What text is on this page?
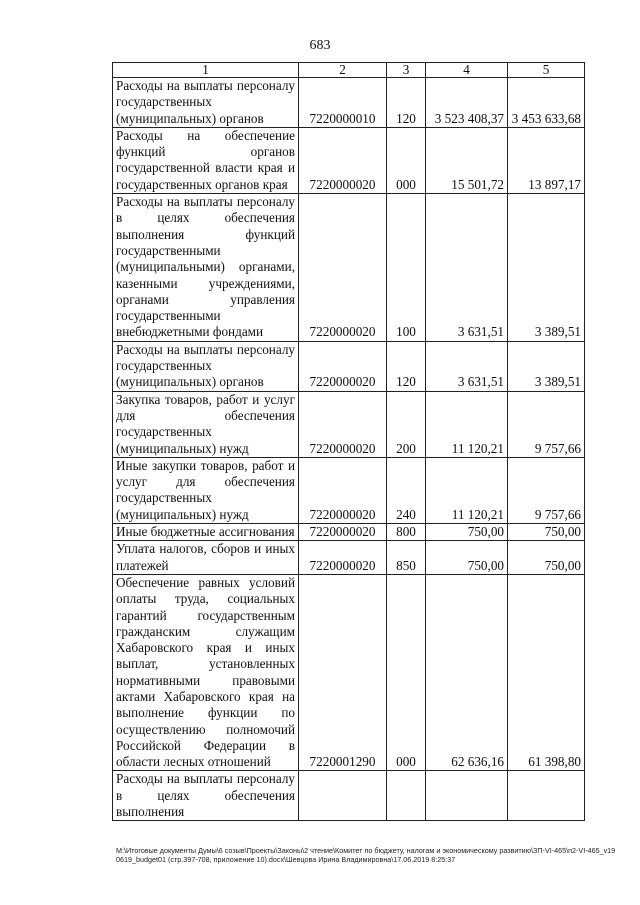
683
1	2	3	4	5
Расходы на выплаты персоналу государственных (муниципальных) органов	7220000010	120	3 523 408,37	3 453 633,68
Расходы на обеспечение функций органов государственной власти края и государственных органов края	7220000020	000	15 501,72	13 897,17
Расходы на выплаты персоналу в целях обеспечения выполнения функций государственными (муниципальными) органами, казенными учреждениями, органами управления государственными внебюджетными фондами	7220000020	100	3 631,51	3 389,51
Расходы на выплаты персоналу государственных (муниципальных) органов	7220000020	120	3 631,51	3 389,51
Закупка товаров, работ и услуг для обеспечения государственных (муниципальных) нужд	7220000020	200	11 120,21	9 757,66
Иные закупки товаров, работ и услуг для обеспечения государственных (муниципальных) нужд	7220000020	240	11 120,21	9 757,66
Иные бюджетные ассигнования	7220000020	800	750,00	750,00
Уплата налогов, сборов и иных платежей	7220000020	850	750,00	750,00
Обеспечение равных условий оплаты труда, социальных гарантий государственным гражданским служащим Хабаровского края и иных выплат, установленных нормативными правовыми актами Хабаровского края на выполнение функции по осуществлению полномочий Российской Федерации в области лесных отношений	7220001290	000	62 636,16	61 398,80
Расходы на выплаты персоналу в целях обеспечения выполнения				
М:\Итоговые документы Думы\6 созыв\Проекты\Законы\2 чтение\Комитет по бюджету, налогам и экономическому развитию\ЗП-VI-465\п2-VI-465_v190619_budget01 (стр.397-708, приложение 10).docx\Шевцова Ирина Владимировна\17.06.2019 8:25:37
